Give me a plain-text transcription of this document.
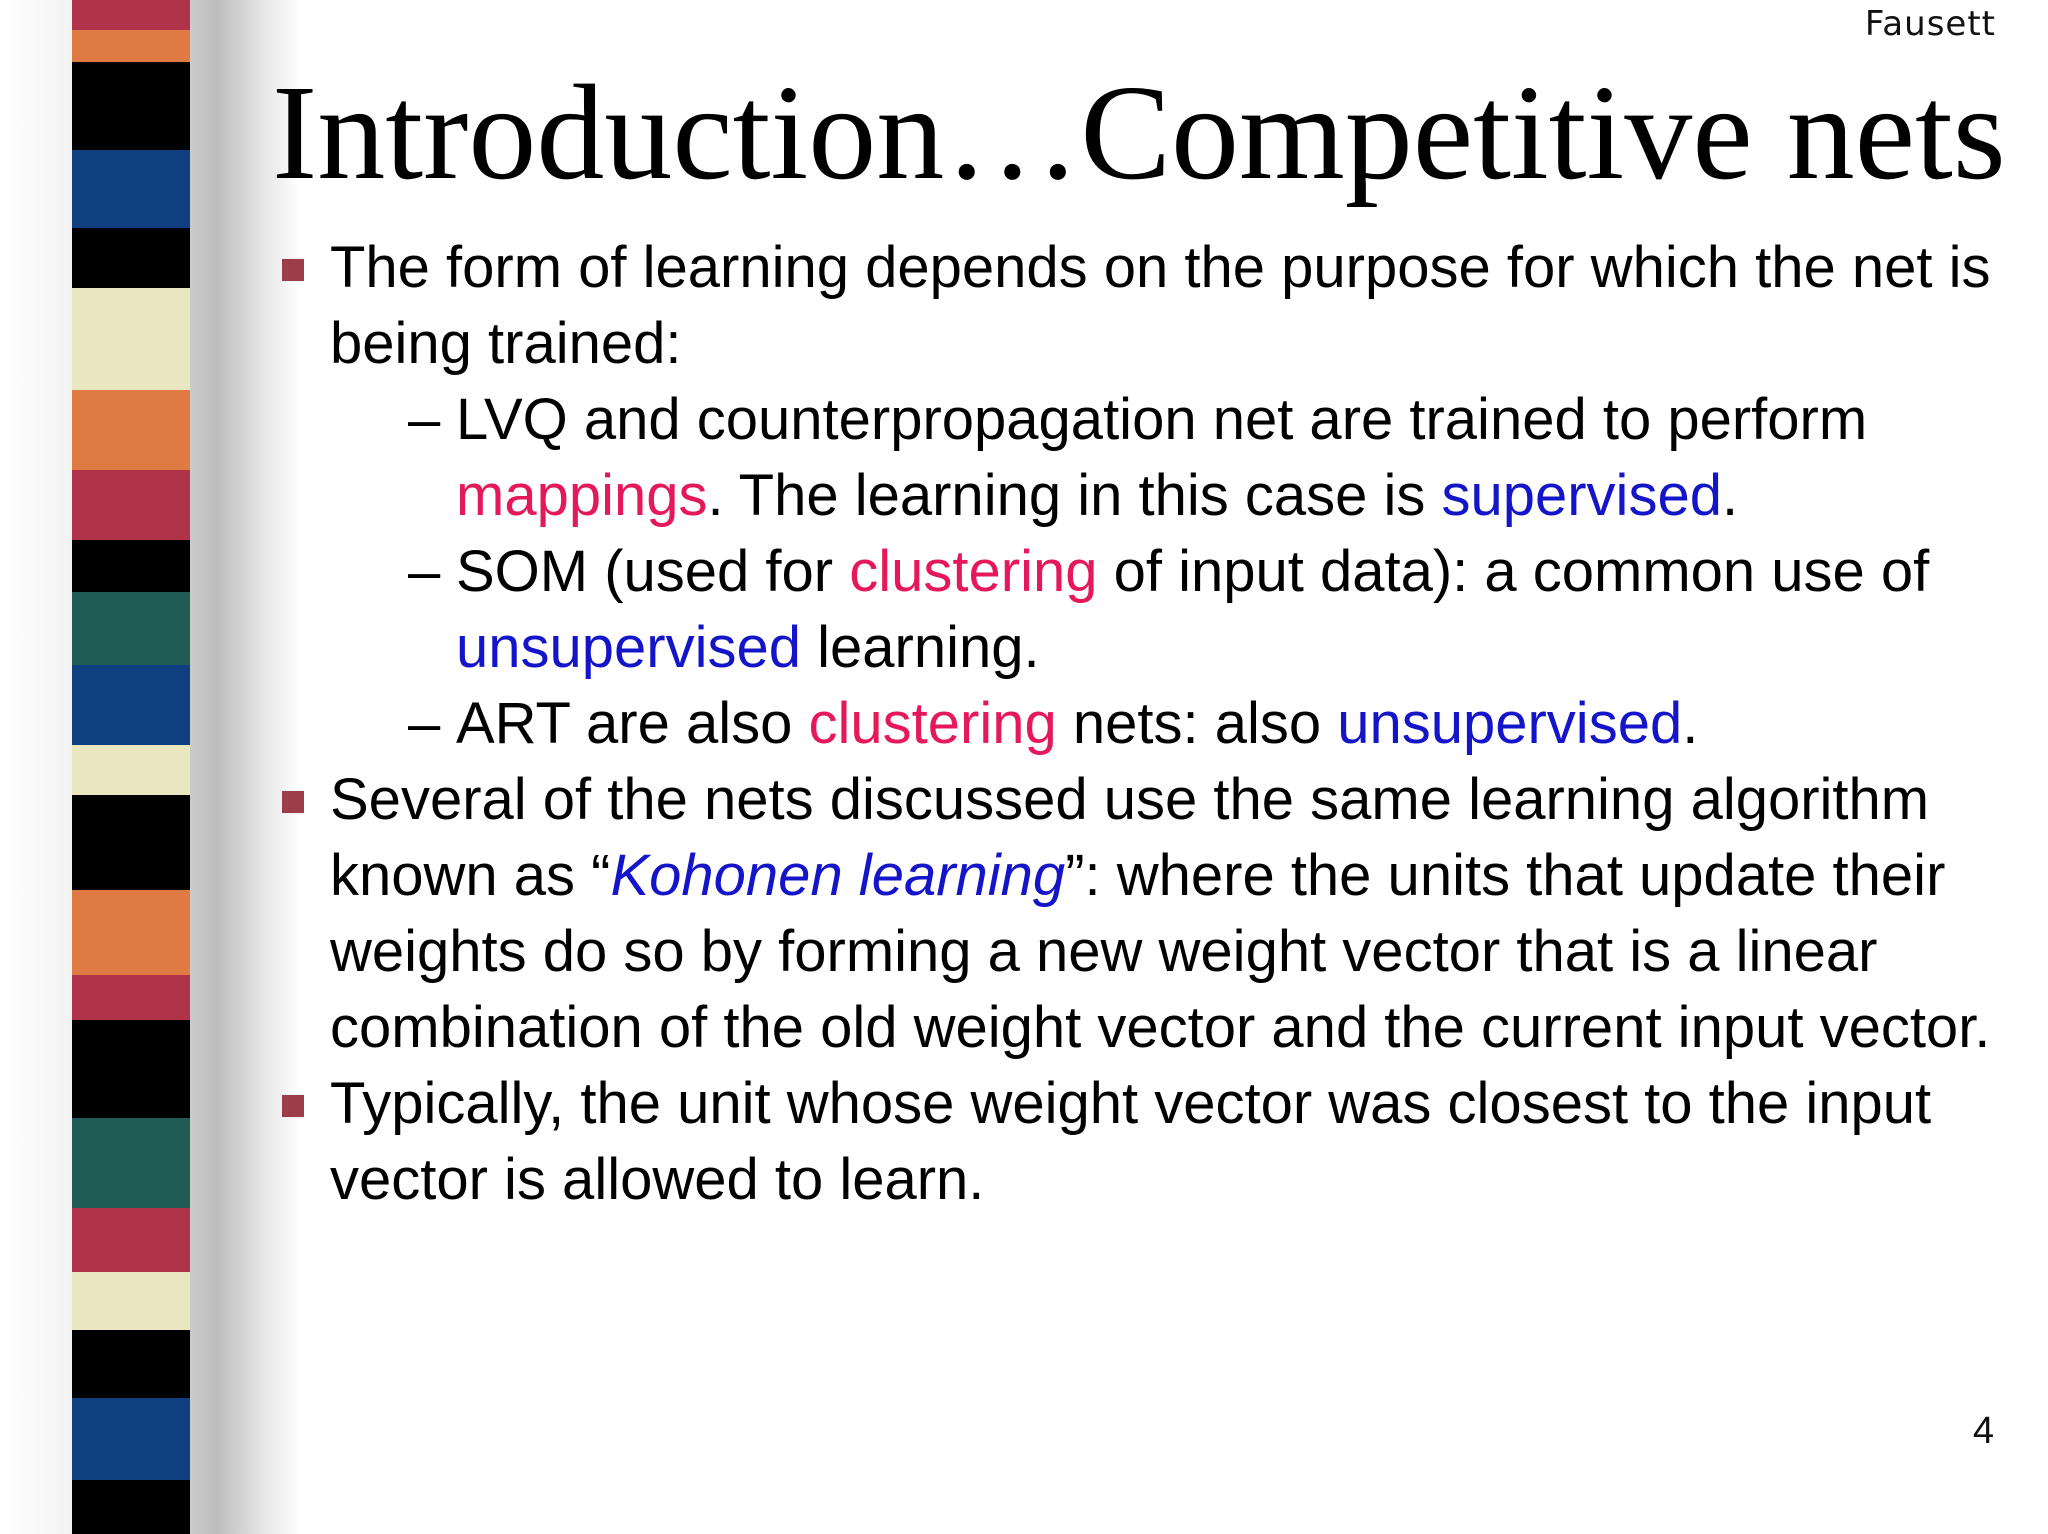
Fausett
Introduction…Competitive nets
The form of learning depends on the purpose for which the net is being trained:
– LVQ and counterpropagation net are trained to perform mappings. The learning in this case is supervised.
– SOM (used for clustering of input data): a common use of unsupervised learning.
– ART are also clustering nets: also unsupervised.
Several of the nets discussed use the same learning algorithm known as “Kohonen learning”: where the units that update their weights do so by forming a new weight vector that is a linear combination of the old weight vector and the current input vector.
Typically, the unit whose weight vector was closest to the input vector is allowed to learn.
4
